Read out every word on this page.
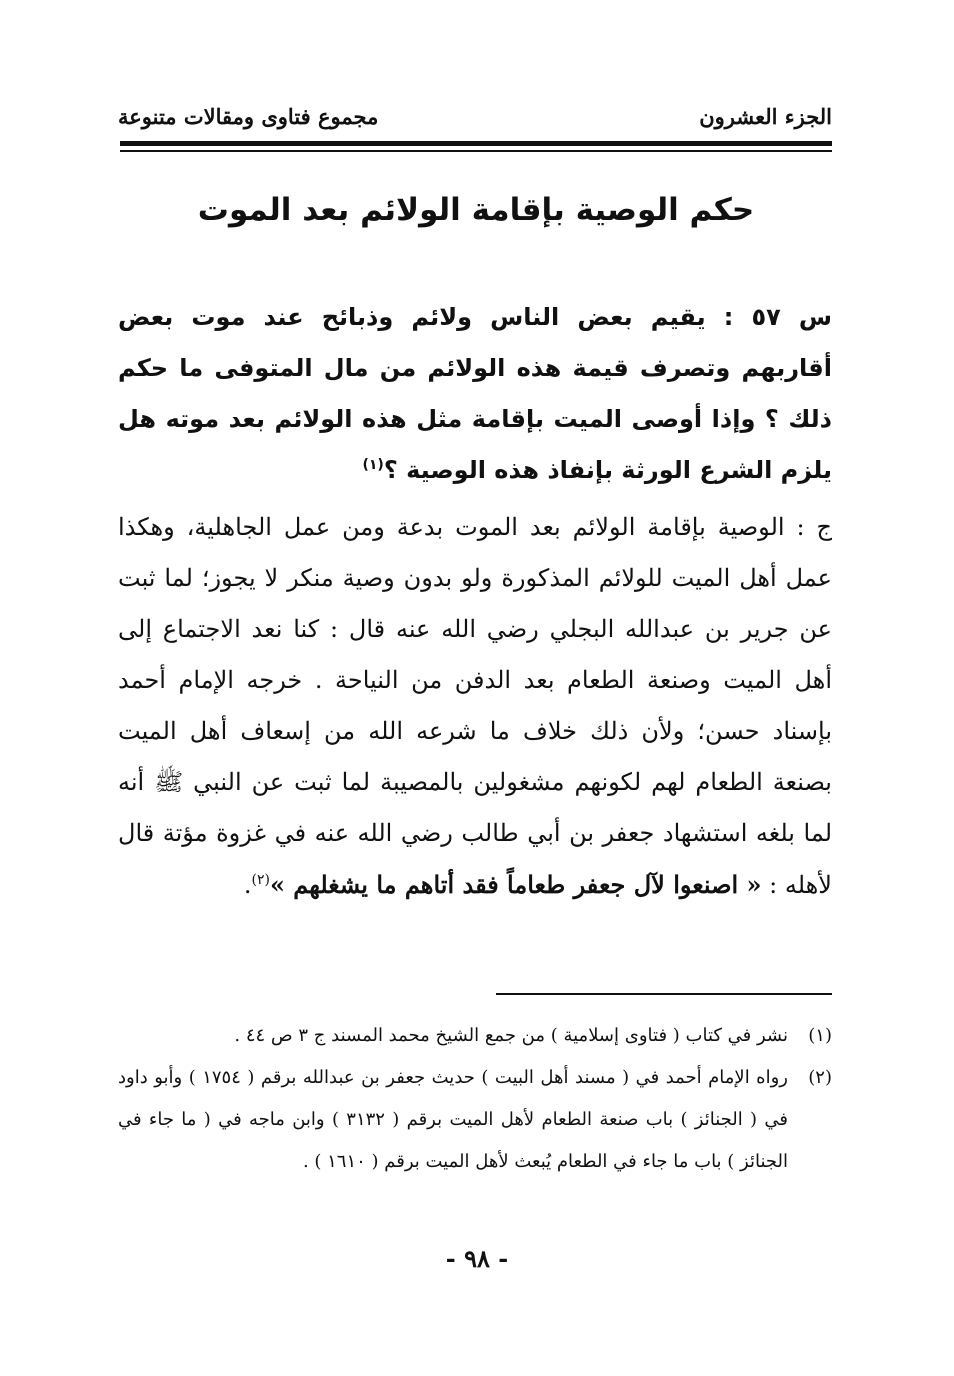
مجموع فتاوى ومقالات متنوعة	الجزء العشرون
حكم الوصية بإقامة الولائم بعد الموت
س ٥٧ : يقيم بعض الناس ولائم وذبائح عند موت بعض أقاربهم وتصرف قيمة هذه الولائم من مال المتوفى ما حكم ذلك ؟ وإذا أوصى الميت بإقامة مثل هذه الولائم بعد موته هل يلزم الشرع الورثة بإنفاذ هذه الوصية ؟$^{(١)}$
ج : الوصية بإقامة الولائم بعد الموت بدعة ومن عمل الجاهلية، وهكذا عمل أهل الميت للولائم المذكورة ولو بدون وصية منكر لا يجوز؛ لما ثبت عن جرير بن عبدالله البجلي رضي الله عنه قال : كنا نعد الاجتماع إلى أهل الميت وصنعة الطعام بعد الدفن من النياحة . خرجه الإمام أحمد بإسناد حسن؛ ولأن ذلك خلاف ما شرعه الله من إسعاف أهل الميت بصنعة الطعام لهم لكونهم مشغولين بالمصيبة لما ثبت عن النبي ﷺ أنه لما بلغه استشهاد جعفر بن أبي طالب رضي الله عنه في غزوة مؤتة قال لأهله : « اصنعوا لآل جعفر طعاماً فقد أتاهم ما يشغلهم »$^{(٢)}$.
(١)
نشر في كتاب ( فتاوى إسلامية ) من جمع الشيخ محمد المسند ج ٣ ص ٤٤ .
(٢)
رواه الإمام أحمد في ( مسند أهل البيت ) حديث جعفر بن عبدالله برقم ( ١٧٥٤ ) وأبو داود في ( الجنائز ) باب صنعة الطعام لأهل الميت برقم ( ٣١٣٢ ) وابن ماجه في ( ما جاء في الجنائز ) باب ما جاء في الطعام يُبعث لأهل الميت برقم ( ١٦١٠ ) .
- ٩٨ -
